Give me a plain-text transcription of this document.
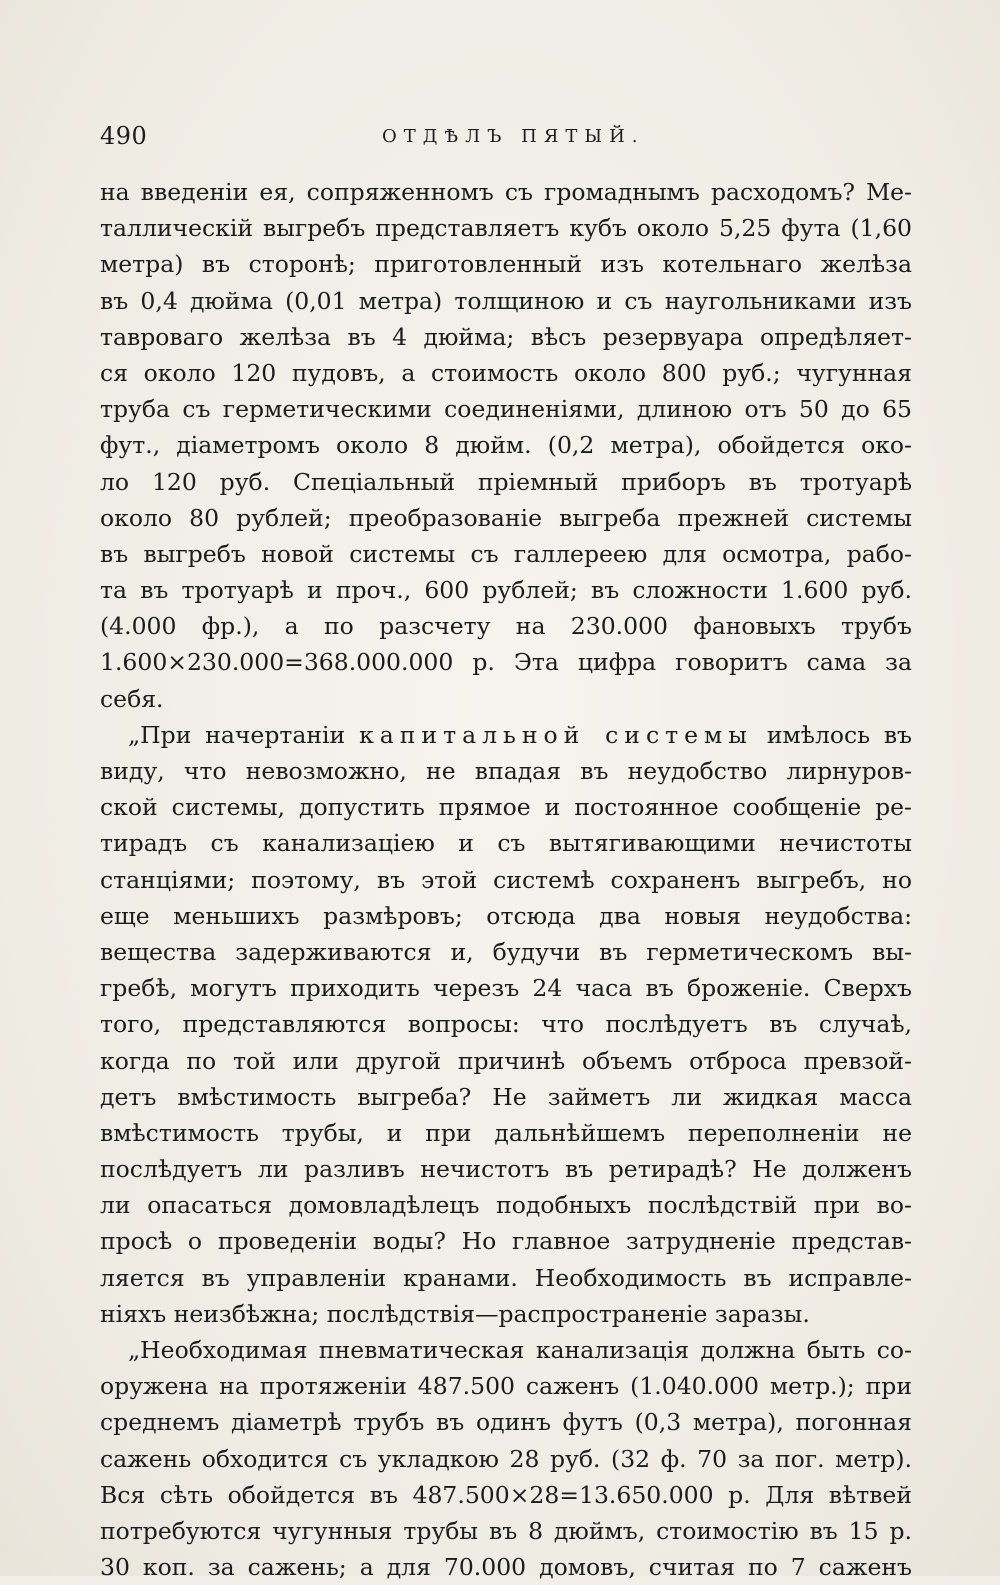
490	ОТДѢЛЪ ПЯТЫЙ.
на введеніи ея, сопряженномъ съ громаднымъ расходомъ? Ме-
таллическій выгребъ представляетъ кубъ около 5,25 фута (1,60
метра) въ сторонѣ; приготовленный изъ котельнаго желѣза
въ 0,4 дюйма (0,01 метра) толщиною и съ наугольниками изъ
тавроваго желѣза въ 4 дюйма; вѣсъ резервуара опредѣляет-
ся около 120 пудовъ, а стоимость около 800 руб.; чугунная
труба съ герметическими соединеніями, длиною отъ 50 до 65
фут., діаметромъ около 8 дюйм. (0,2 метра), обойдется око-
ло 120 руб. Спеціальный пріемный приборъ въ тротуарѣ
около 80 рублей; преобразованіе выгреба прежней системы
въ выгребъ новой системы съ галлереею для осмотра, рабо-
та въ тротуарѣ и проч., 600 рублей; въ сложности 1.600 руб.
(4.000 фр.), а по разсчету на 230.000 фановыхъ трубъ
1.600×230.000=368.000.000 р. Эта цифра говоритъ сама за
себя.
„При начертаніи капитальной системы имѣлось въ
виду, что невозможно, не впадая въ неудобство лирнуров-
ской системы, допустить прямое и постоянное сообщеніе ре-
тирадъ съ канализаціею и съ вытягивающими нечистоты
станціями; поэтому, въ этой системѣ сохраненъ выгребъ, но
еще меньшихъ размѣровъ; отсюда два новыя неудобства:
вещества задерживаются и, будучи въ герметическомъ вы-
гребѣ, могутъ приходить черезъ 24 часа въ броженіе. Сверхъ
того, представляются вопросы: что послѣдуетъ въ случаѣ,
когда по той или другой причинѣ объемъ отброса превзой-
детъ вмѣстимость выгреба? Не займетъ ли жидкая масса
вмѣстимость трубы, и при дальнѣйшемъ переполненіи не
послѣдуетъ ли разливъ нечистотъ въ ретирадѣ? Не долженъ
ли опасаться домовладѣлецъ подобныхъ послѣдствій при во-
просѣ о проведеніи воды? Но главное затрудненіе представ-
ляется въ управленіи кранами. Необходимость въ исправле-
ніяхъ неизбѣжна; послѣдствія—распространеніе заразы.
„Необходимая пневматическая канализація должна быть со-
оружена на протяженіи 487.500 саженъ (1.040.000 метр.); при
среднемъ діаметрѣ трубъ въ одинъ футъ (0,3 метра), погонная
сажень обходится съ укладкою 28 руб. (32 ф. 70 за пог. метр).
Вся сѣть обойдется въ 487.500×28=13.650.000 р. Для вѣтвей
потребуются чугунныя трубы въ 8 дюймъ, стоимостію въ 15 р.
30 коп. за сажень; а для 70.000 домовъ, считая по 7 саженъ
